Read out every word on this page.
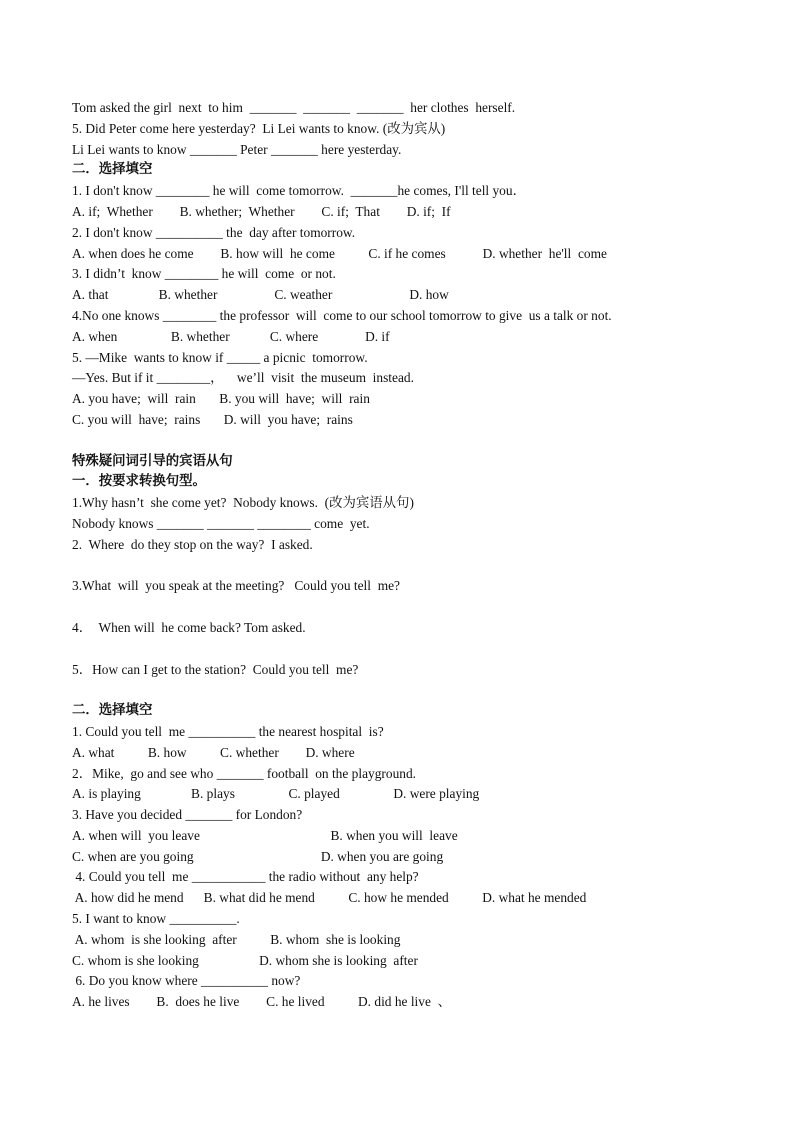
Tom asked the girl  next  to him  _______  _______  _______  her clothes  herself.
5. Did Peter come here yesterday?  Li Lei wants to know. (改为宾从)
Li Lei wants to know _______ Peter _______ here yesterday.
二．选择填空
1. I don't know ________ he will  come tomorrow.  _______he comes, I'll tell you．
A. if;  Whether        B. whether;  Whether        C. if;  That        D. if;  If
2. I don't know __________ the  day after tomorrow.
A. when does he come        B. how will  he come          C. if he comes           D. whether  he'll  come
3. I didn’t  know ________ he will  come  or not.
A. that               B. whether                 C. weather                       D. how
4.No one knows ________ the professor  will  come to our school tomorrow to give  us a talk or not.
A. when                B. whether            C. where              D. if
5. —Mike  wants to know if _____ a picnic  tomorrow.
—Yes. But if it ________，    we’ll  visit  the museum  instead.
A. you have;  will  rain       B. you will  have;  will  rain
C. you will  have;  rains       D. will  you have;  rains
特殊疑问词引导的宾语从句
一．按要求转换句型。
1.Why hasn’t  she come yet?  Nobody knows.  (改为宾语从句)
Nobody knows _______ _______ ________ come  yet.
2.  Where  do they stop on the way?  I asked.
3.What  will  you speak at the meeting?   Could you tell  me?
4．  When will  he come back? Tom asked.
5．How can I get to the station?  Could you tell  me?
二．选择填空
1. Could you tell  me __________ the nearest hospital  is?
A. what          B. how          C. whether        D. where
2．Mike,  go and see who _______ football  on the playground.
A. is playing               B. plays                C. played                D. were playing
3. Have you decided _______ for London?
A. when will  you leave                                       B. when you will  leave
C. when are you going                                      D. when you are going
4. Could you tell  me ___________ the radio without  any help?
A. how did he mend      B. what did he mend          C. how he mended          D. what he mended
5. I want to know __________.
A. whom  is she looking  after          B. whom  she is looking
C. whom is she looking                  D. whom she is looking  after
6. Do you know where __________ now?
A. he lives        B.  does he live        C. he lived          D. did he live  、
